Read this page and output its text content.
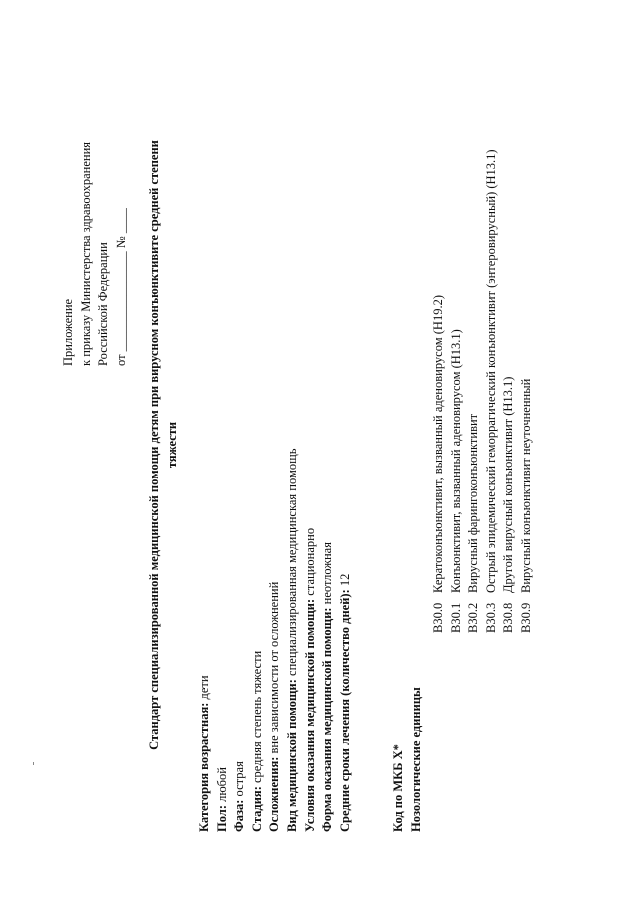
Приложение к приказу Министерства здравоохранения Российской Федерации от ________________ № ____ Стандарт специализированной медицинской помощи детям при вирусном конъюнктивите средней степени тяжести
Категория возрастная: дети
Пол: любой
Фаза: острая
Стадия: средняя степень тяжести
Осложнения: вне зависимости от осложнений Вид медицинской помощи: специализированная медицинская помощь
Условия оказания медицинской помощи: стационарно
Форма оказания медицинской помощи: неотложная
Средние сроки лечения (количество дней): 12
Код по МКБ X* Нозологические единицы
B30.0
Кератоконъюнктивит, вызванный аденовирусом (H19.2)
B30.1
Конъюнктивит, вызванный аденовирусом (H13.1)
B30.2
Вирусный фарингоконъюнктивит
B30.3
Острый эпидемический геморрагический конъюнктивит (энтеровирусный) (H13.1)
B30.8
Другой вирусный конъюнктивит (H13.1)
B30.9
Вирусный конъюнктивит неуточненный
